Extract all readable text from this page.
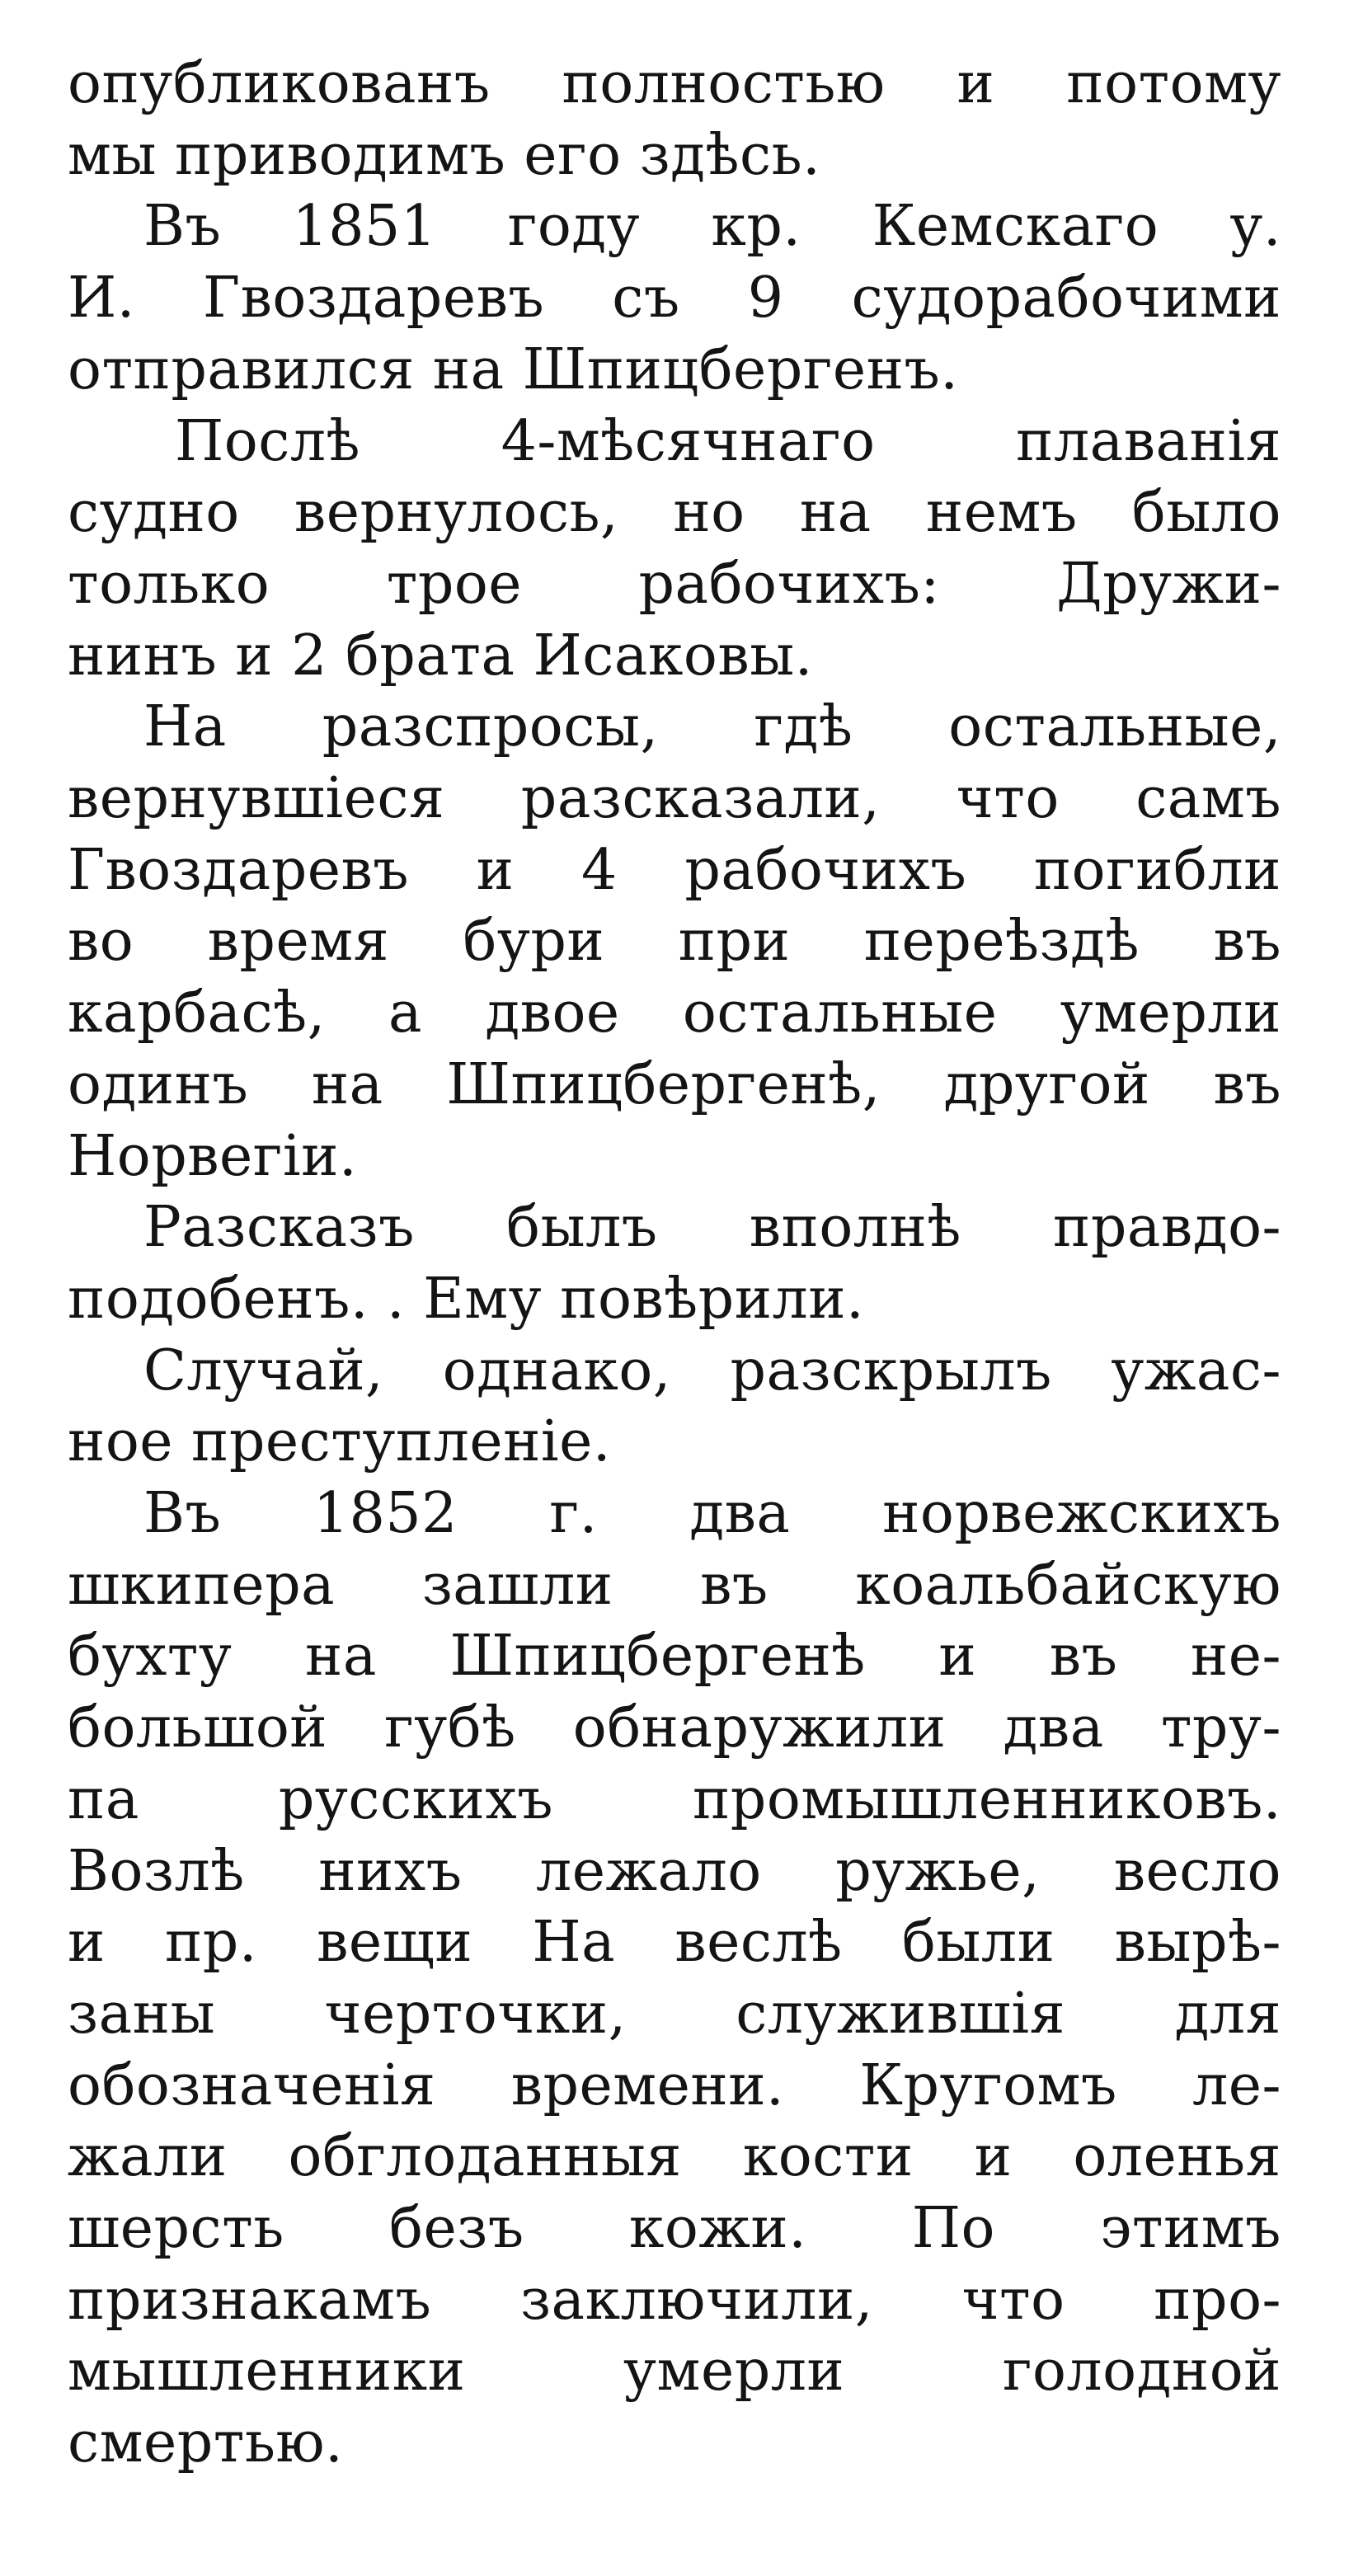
опубликованъ полностью и потому
мы приводимъ его здѣсь.
Въ 1851 году кр. Кемскаго у.
И. Гвоздаревъ съ 9 судорабочими
отправился на Шпицбергенъ.
Послѣ	4-мѣсячнаго	плаванія
судно вернулось, но на немъ было
только трое рабочихъ: Дружи-
нинъ и 2 брата Исаковы.
На разспросы, гдѣ остальные,
вернувшіеся разсказали, что самъ
Гвоздаревъ и 4 рабочихъ погибли
во время бури при переѣздѣ въ
карбасѣ, а двое остальные умерли
одинъ на Шпицбергенѣ, другой въ
Норвегіи.
Разсказъ былъ вполнѣ правдо-
подобенъ. . Ему повѣрили.
Случай, однако, разскрылъ ужас-
ное преступленіе.
Въ 1852 г. два норвежскихъ
шкипера зашли въ коальбайскую
бухту на Шпицбергенѣ и въ не-
большой губѣ обнаружили два тру-
па русскихъ промышленниковъ.
Возлѣ нихъ лежало ружье, весло
и пр. вещи На веслѣ были вырѣ-
заны черточки, служившія для
обозначенія времени. Кругомъ ле-
жали обглоданныя кости и оленья
шерсть безъ кожи. По этимъ
признакамъ заключили, что про-
мышленники	умерли	голодной
смертью.
